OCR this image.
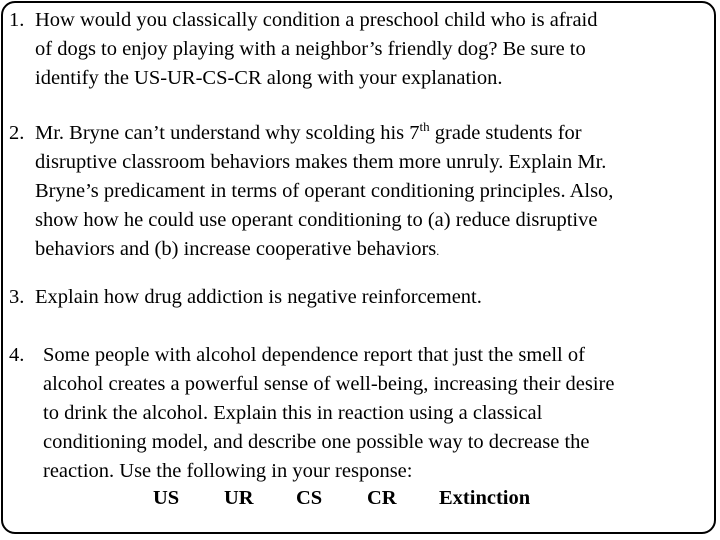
1. How would you classically condition a preschool child who is afraid
of dogs to enjoy playing with a neighbor’s friendly dog? Be sure to
identify the US-UR-CS-CR along with your explanation.
2. Mr. Bryne can’t understand why scolding his 7th grade students for
disruptive classroom behaviors makes them more unruly. Explain Mr.
Bryne’s predicament in terms of operant conditioning principles. Also,
show how he could use operant conditioning to (a) reduce disruptive
behaviors and (b) increase cooperative behaviors.
3. Explain how drug addiction is negative reinforcement.
4. Some people with alcohol dependence report that just the smell of
alcohol creates a powerful sense of well-being, increasing their desire
to drink the alcohol. Explain this in reaction using a classical
conditioning model, and describe one possible way to decrease the
reaction. Use the following in your response:
US UR CS CR Extinction
